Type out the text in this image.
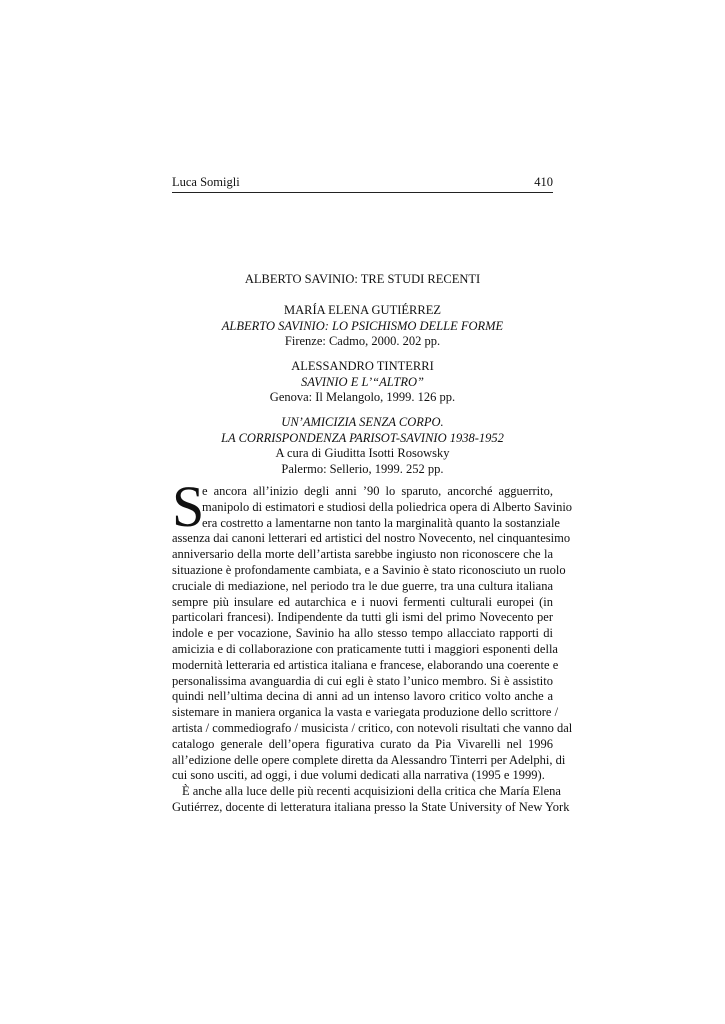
Luca Somigli	410
ALBERTO SAVINIO: TRE STUDI RECENTI
MARÍA ELENA GUTIÉRREZ
ALBERTO SAVINIO: LO PSICHISMO DELLE FORME
Firenze: Cadmo, 2000. 202 pp.
ALESSANDRO TINTERRI
SAVINIO E L’“ALTRO”
Genova: Il Melangolo, 1999. 126 pp.
UN’AMICIZIA SENZA CORPO.
LA CORRISPONDENZA PARISOT-SAVINIO 1938-1952
A cura di Giuditta Isotti Rosowsky
Palermo: Sellerio, 1999. 252 pp.
S
e ancora all’inizio degli anni ’90 lo sparuto, ancorché agguerrito,
manipolo di estimatori e studiosi della poliedrica opera di Alberto Savinio
era costretto a lamentarne non tanto la marginalità quanto la sostanziale
assenza dai canoni letterari ed artistici del nostro Novecento, nel cinquantesimo
anniversario della morte dell’artista sarebbe ingiusto non riconoscere che la
situazione è profondamente cambiata, e a Savinio è stato riconosciuto un ruolo
cruciale di mediazione, nel periodo tra le due guerre, tra una cultura italiana
sempre più insulare ed autarchica e i nuovi fermenti culturali europei (in
particolari francesi). Indipendente da tutti gli ismi del primo Novecento per
indole e per vocazione, Savinio ha allo stesso tempo allacciato rapporti di
amicizia e di collaborazione con praticamente tutti i maggiori esponenti della
modernità letteraria ed artistica italiana e francese, elaborando una coerente e
personalissima avanguardia di cui egli è stato l’unico membro. Si è assistito
quindi nell’ultima decina di anni ad un intenso lavoro critico volto anche a
sistemare in maniera organica la vasta e variegata produzione dello scrittore /
artista / commediografo / musicista / critico, con notevoli risultati che vanno dal
catalogo generale dell’opera figurativa curato da Pia Vivarelli nel 1996
all’edizione delle opere complete diretta da Alessandro Tinterri per Adelphi, di
cui sono usciti, ad oggi, i due volumi dedicati alla narrativa (1995 e 1999).
È anche alla luce delle più recenti acquisizioni della critica che María Elena
Gutiérrez, docente di letteratura italiana presso la State University of New York
